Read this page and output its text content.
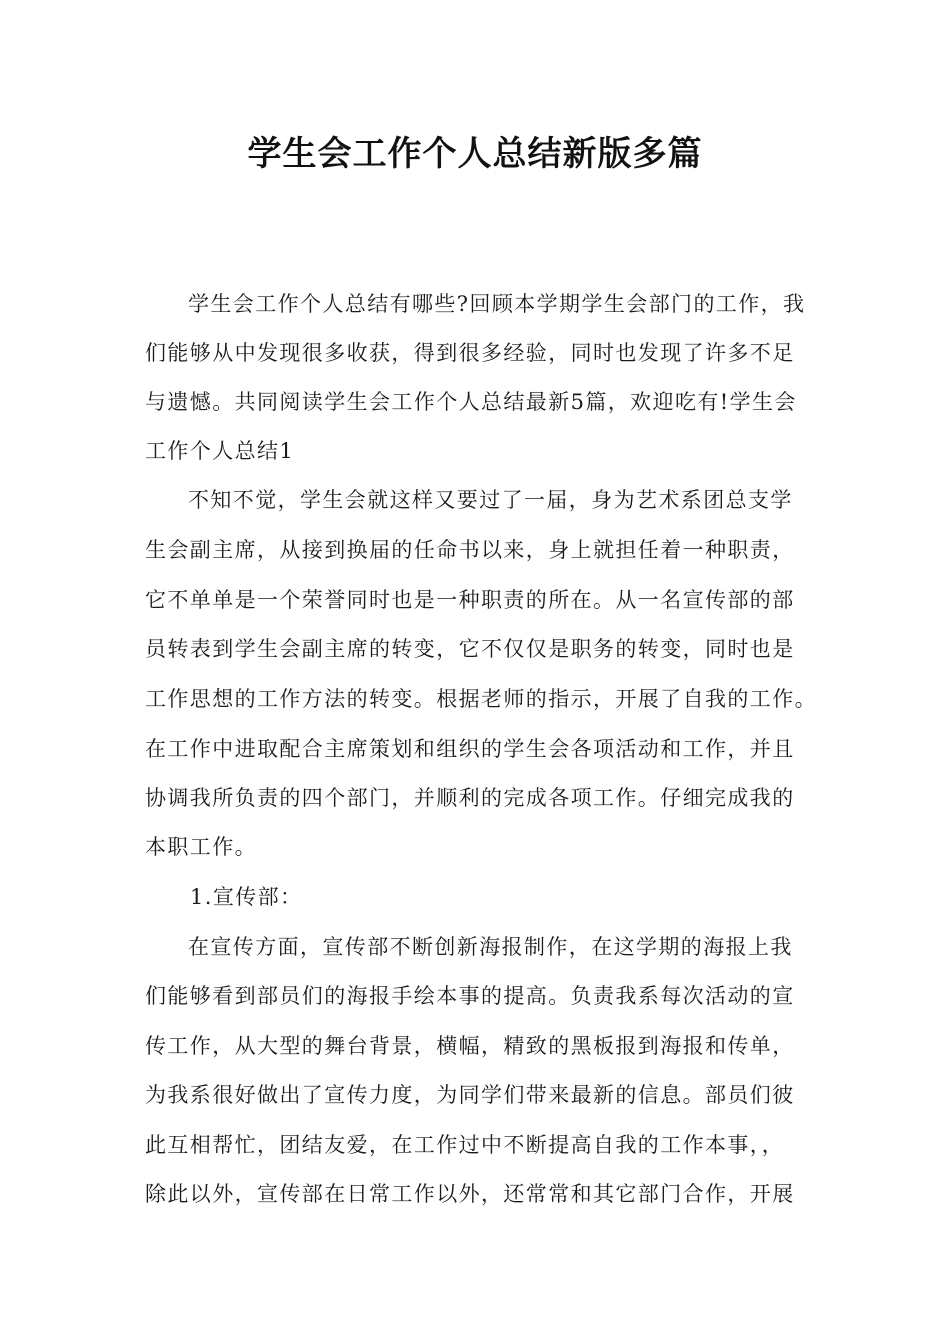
学生会工作个人总结新版多篇
学生会工作个人总结有哪些?回顾本学期学生会部门的工作，我
们能够从中发现很多收获，得到很多经验，同时也发现了许多不足
与遗憾。共同阅读学生会工作个人总结最新5篇，欢迎吃有!学生会
工作个人总结1
不知不觉，学生会就这样又要过了一届，身为艺术系团总支学
生会副主席，从接到换届的任命书以来，身上就担任着一种职责，
它不单单是一个荣誉同时也是一种职责的所在。从一名宣传部的部
员转表到学生会副主席的转变，它不仅仅是职务的转变，同时也是
工作思想的工作方法的转变。根据老师的指示，开展了自我的工作。
在工作中进取配合主席策划和组织的学生会各项活动和工作，并且
协调我所负责的四个部门，并顺利的完成各项工作。仔细完成我的
本职工作。
1.宣传部：
在宣传方面，宣传部不断创新海报制作，在这学期的海报上我
们能够看到部员们的海报手绘本事的提高。负责我系每次活动的宣
传工作，从大型的舞台背景，横幅，精致的黑板报到海报和传单，
为我系很好做出了宣传力度，为同学们带来最新的信息。部员们彼
此互相帮忙，团结友爱，在工作过中不断提高自我的工作本事，，
除此以外，宣传部在日常工作以外，还常常和其它部门合作，开展
